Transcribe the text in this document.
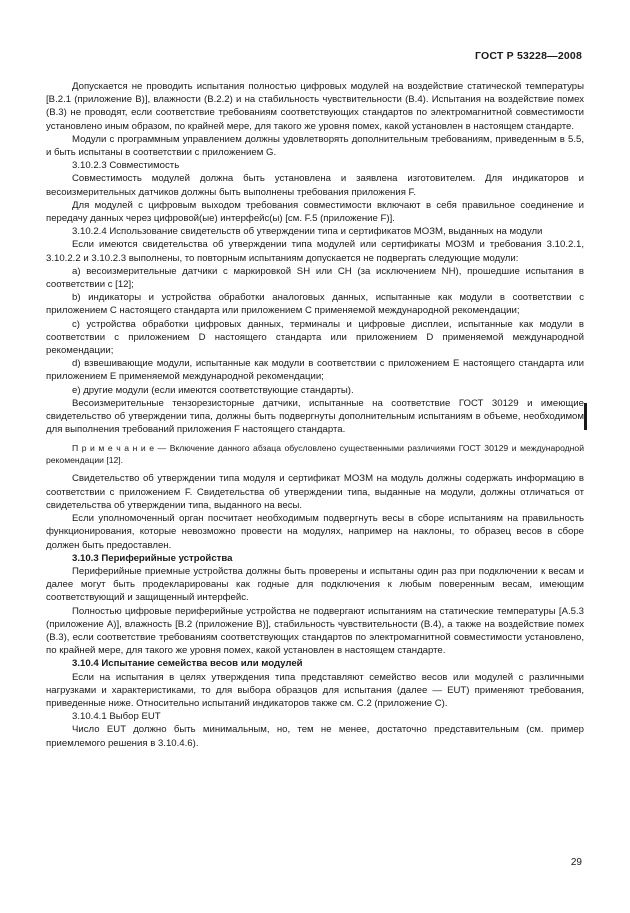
ГОСТ Р 53228—2008

Допускается не проводить испытания полностью цифровых модулей на воздействие статической температуры [В.2.1 (приложение В)], влажности (В.2.2) и на стабильность чувствительности (В.4). Испытания на воздействие помех (В.3) не проводят, если соответствие требованиям соответствующих стандартов по электромагнитной совместимости установлено иным образом, по крайней мере, для такого же уровня помех, какой установлен в настоящем стандарте.

Модули с программным управлением должны удовлетворять дополнительным требованиям, приведенным в 5.5, и быть испытаны в соответствии с приложением G.

3.10.2.3 Совместимость

Совместимость модулей должна быть установлена и заявлена изготовителем. Для индикаторов и весоизмерительных датчиков должны быть выполнены требования приложения F.

Для модулей с цифровым выходом требования совместимости включают в себя правильное соединение и передачу данных через цифровой(ые) интерфейс(ы) [см. F.5 (приложение F)].

3.10.2.4 Использование свидетельств об утверждении типа и сертификатов МОЗМ, выданных на модули

Если имеются свидетельства об утверждении типа модулей или сертификаты МОЗМ и требования 3.10.2.1, 3.10.2.2 и 3.10.2.3 выполнены, то повторным испытаниям допускается не подвергать следующие модули:

а) весоизмерительные датчики с маркировкой SH или CH (за исключением NH), прошедшие испытания в соответствии с [12];

b) индикаторы и устройства обработки аналоговых данных, испытанные как модули в соответствии с приложением С настоящего стандарта или приложением С применяемой международной рекомендации;

с) устройства обработки цифровых данных, терминалы и цифровые дисплеи, испытанные как модули в соответствии с приложением D настоящего стандарта или приложением D применяемой международной рекомендации;

d) взвешивающие модули, испытанные как модули в соответствии с приложением Е настоящего стандарта или приложением Е применяемой международной рекомендации;

е) другие модули (если имеются соответствующие стандарты).

Весоизмерительные тензорезисторные датчики, испытанные на соответствие ГОСТ 30129 и имеющие свидетельство об утверждении типа, должны быть подвергнуты дополнительным испытаниям в объеме, необходимом для выполнения требований приложения F настоящего стандарта.

П р и м е ч а н и е — Включение данного абзаца обусловлено существенными различиями ГОСТ 30129 и международной рекомендации [12].

Свидетельство об утверждении типа модуля и сертификат МОЗМ на модуль должны содержать информацию в соответствии с приложением F. Свидетельства об утверждении типа, выданные на модули, должны отличаться от свидетельства об утверждении типа, выданного на весы.

Если уполномоченный орган посчитает необходимым подвергнуть весы в сборе испытаниям на правильность функционирования, которые невозможно провести на модулях, например на наклоны, то образец весов в сборе должен быть предоставлен.

3.10.3 Периферийные устройства

Периферийные приемные устройства должны быть проверены и испытаны один раз при подключении к весам и далее могут быть продекларированы как годные для подключения к любым поверенным весам, имеющим соответствующий и защищенный интерфейс.

Полностью цифровые периферийные устройства не подвергают испытаниям на статические температуры [А.5.3 (приложение А)], влажность [В.2 (приложение В)], стабильность чувствительности (В.4), а также на воздействие помех (В.3), если соответствие требованиям соответствующих стандартов по электромагнитной совместимости установлено, по крайней мере, для такого же уровня помех, какой установлен в настоящем стандарте.

3.10.4 Испытание семейства весов или модулей

Если на испытания в целях утверждения типа представляют семейство весов или модулей с различными нагрузками и характеристиками, то для выбора образцов для испытания (далее — EUT) применяют требования, приведенные ниже. Относительно испытаний индикаторов также см. С.2 (приложение С).

3.10.4.1 Выбор EUT

Число EUT должно быть минимальным, но, тем не менее, достаточно представительным (см. пример приемлемого решения в 3.10.4.6).

29
